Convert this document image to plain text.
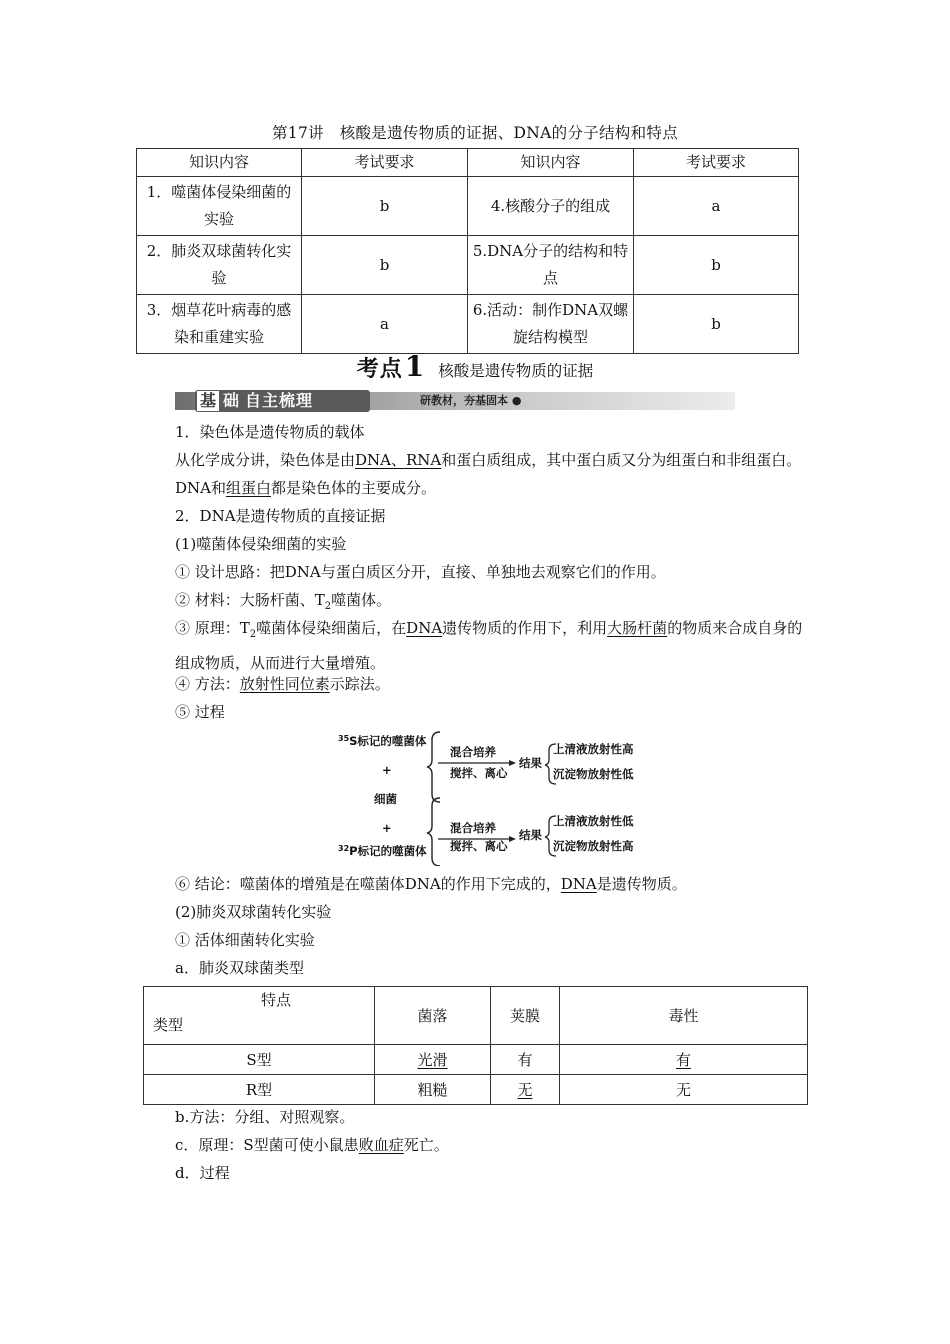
第17讲　核酸是遗传物质的证据、DNA的分子结构和特点
知识内容	考试要求	知识内容	考试要求
1．噬菌体侵染细菌的实验	b	4.核酸分子的组成	a
2．肺炎双球菌转化实验	b	5.DNA分子的结构和特点	b
3．烟草花叶病毒的感染和重建实验	a	6.活动：制作DNA双螺旋结构模型	b
考点1 核酸是遗传物质的证据
基 础 自主梳理	研教材，夯基固本 ●
1．染色体是遗传物质的载体
从化学成分讲，染色体是由DNA、RNA和蛋白质组成，其中蛋白质又分为组蛋白和非组蛋白。DNA和组蛋白都是染色体的主要成分。
2．DNA是遗传物质的直接证据
(1)噬菌体侵染细菌的实验
① 设计思路：把DNA与蛋白质区分开，直接、单独地去观察它们的作用。
② 材料：大肠杆菌、$T_2$噬菌体。
③ 原理：$T_2$噬菌体侵染细菌后，在DNA遗传物质的作用下，利用大肠杆菌的物质来合成自身的组成物质，从而进行大量增殖。
④ 方法：放射性同位素示踪法。
⑤ 过程
$^{35}$S标记的噬菌体
+
细菌
+
$^{32}$P标记的噬菌体
混合培养
搅拌、离心
结果
上清液放射性高
沉淀物放射性低
混合培养
搅拌、离心
结果
上清液放射性低
沉淀物放射性高
⑥ 结论：噬菌体的增殖是在噬菌体DNA的作用下完成的，DNA是遗传物质。
(2)肺炎双球菌转化实验
① 活体细菌转化实验
a．肺炎双球菌类型
特点
类型	菌落	荚膜	毒性
S型	光滑	有	有
R型	粗糙	无	无
b.方法：分组、对照观察。
c．原理：S型菌可使小鼠患败血症死亡。
d．过程
